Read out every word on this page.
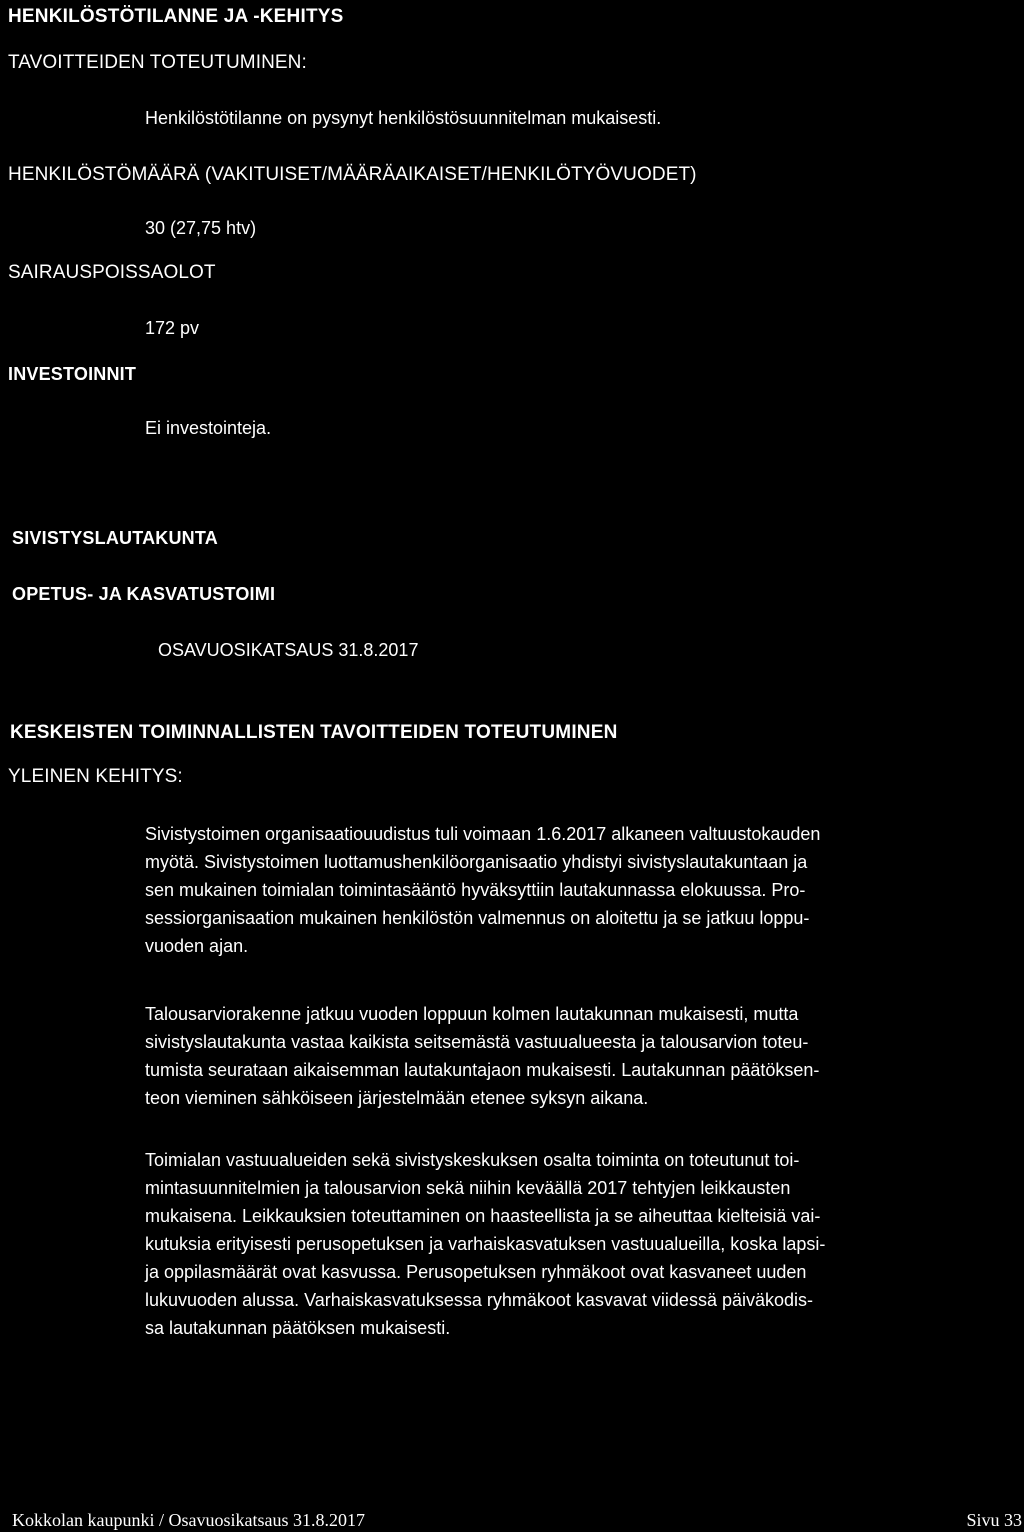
HENKILÖSTÖTILANNE JA -KEHITYS
TAVOITTEIDEN TOTEUTUMINEN:
Henkilöstötilanne on pysynyt henkilöstösuunnitelman mukaisesti.
HENKILÖSTÖMÄÄRÄ (VAKITUISET/MÄÄRÄAIKAISET/HENKILÖTYÖVUODET)
30 (27,75 htv)
SAIRAUSPOISSAOLOT
172 pv
INVESTOINNIT
Ei investointeja.
SIVISTYSLAUTAKUNTA
OPETUS- JA KASVATUSTOIMI
OSAVUOSIKATSAUS 31.8.2017
KESKEISTEN TOIMINNALLISTEN TAVOITTEIDEN TOTEUTUMINEN
YLEINEN KEHITYS:
Sivistystoimen organisaatiouudistus tuli voimaan 1.6.2017 alkaneen valtuustokauden
myötä. Sivistystoimen luottamushenkilöorganisaatio yhdistyi sivistyslautakuntaan ja
sen mukainen toimialan toimintasääntö hyväksyttiin lautakunnassa elokuussa. Pro-
sessiorganisaation mukainen henkilöstön valmennus on aloitettu ja se jatkuu loppu-
vuoden ajan.
Talousarviorakenne jatkuu vuoden loppuun kolmen lautakunnan mukaisesti, mutta
sivistyslautakunta vastaa kaikista seitsemästä vastuualueesta ja talousarvion toteu-
tumista seurataan aikaisemman lautakuntajaon mukaisesti. Lautakunnan päätöksen-
teon vieminen sähköiseen järjestelmään etenee syksyn aikana.
Toimialan vastuualueiden sekä sivistyskeskuksen osalta toiminta on toteutunut toi-
mintasuunnitelmien ja talousarvion sekä niihin keväällä 2017 tehtyjen leikkausten
mukaisena. Leikkauksien toteuttaminen on haasteellista ja se aiheuttaa kielteisiä vai-
kutuksia erityisesti perusopetuksen ja varhaiskasvatuksen vastuualueilla, koska lapsi-
ja oppilasmäärät ovat kasvussa. Perusopetuksen ryhmäkoot ovat kasvaneet uuden
lukuvuoden alussa. Varhaiskasvatuksessa ryhmäkoot kasvavat viidessä päiväkodis-
sa lautakunnan päätöksen mukaisesti.
Kokkolan kaupunki / Osavuosikatsaus 31.8.2017	Sivu 33
